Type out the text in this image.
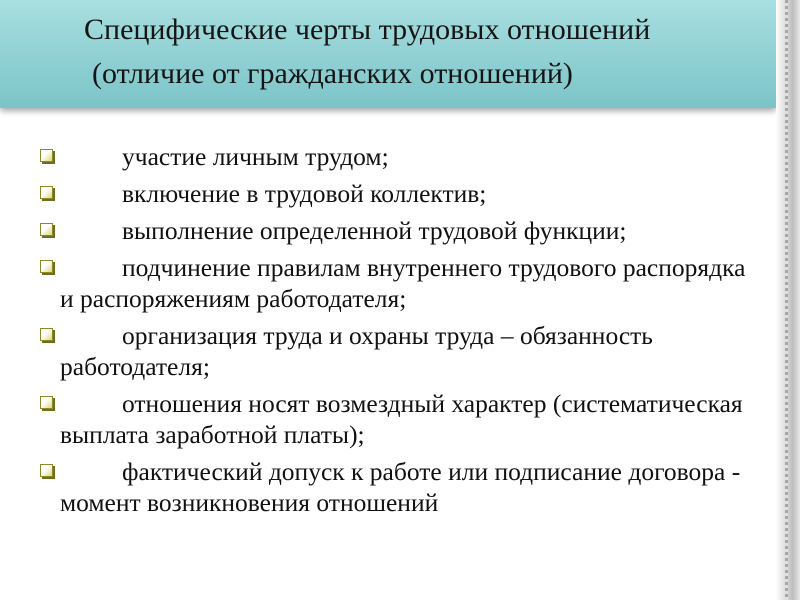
Специфические черты трудовых отношений
(отличие от гражданских отношений)
участие личным трудом;
включение в трудовой коллектив;
выполнение определенной трудовой функции;
подчинение правилам внутреннего трудового распорядка и распоряжениям работодателя;
организация труда и охраны труда – обязанность работодателя;
отношения носят возмездный характер (систематическая выплата заработной платы);
фактический допуск к работе или подписание договора - момент возникновения отношений
